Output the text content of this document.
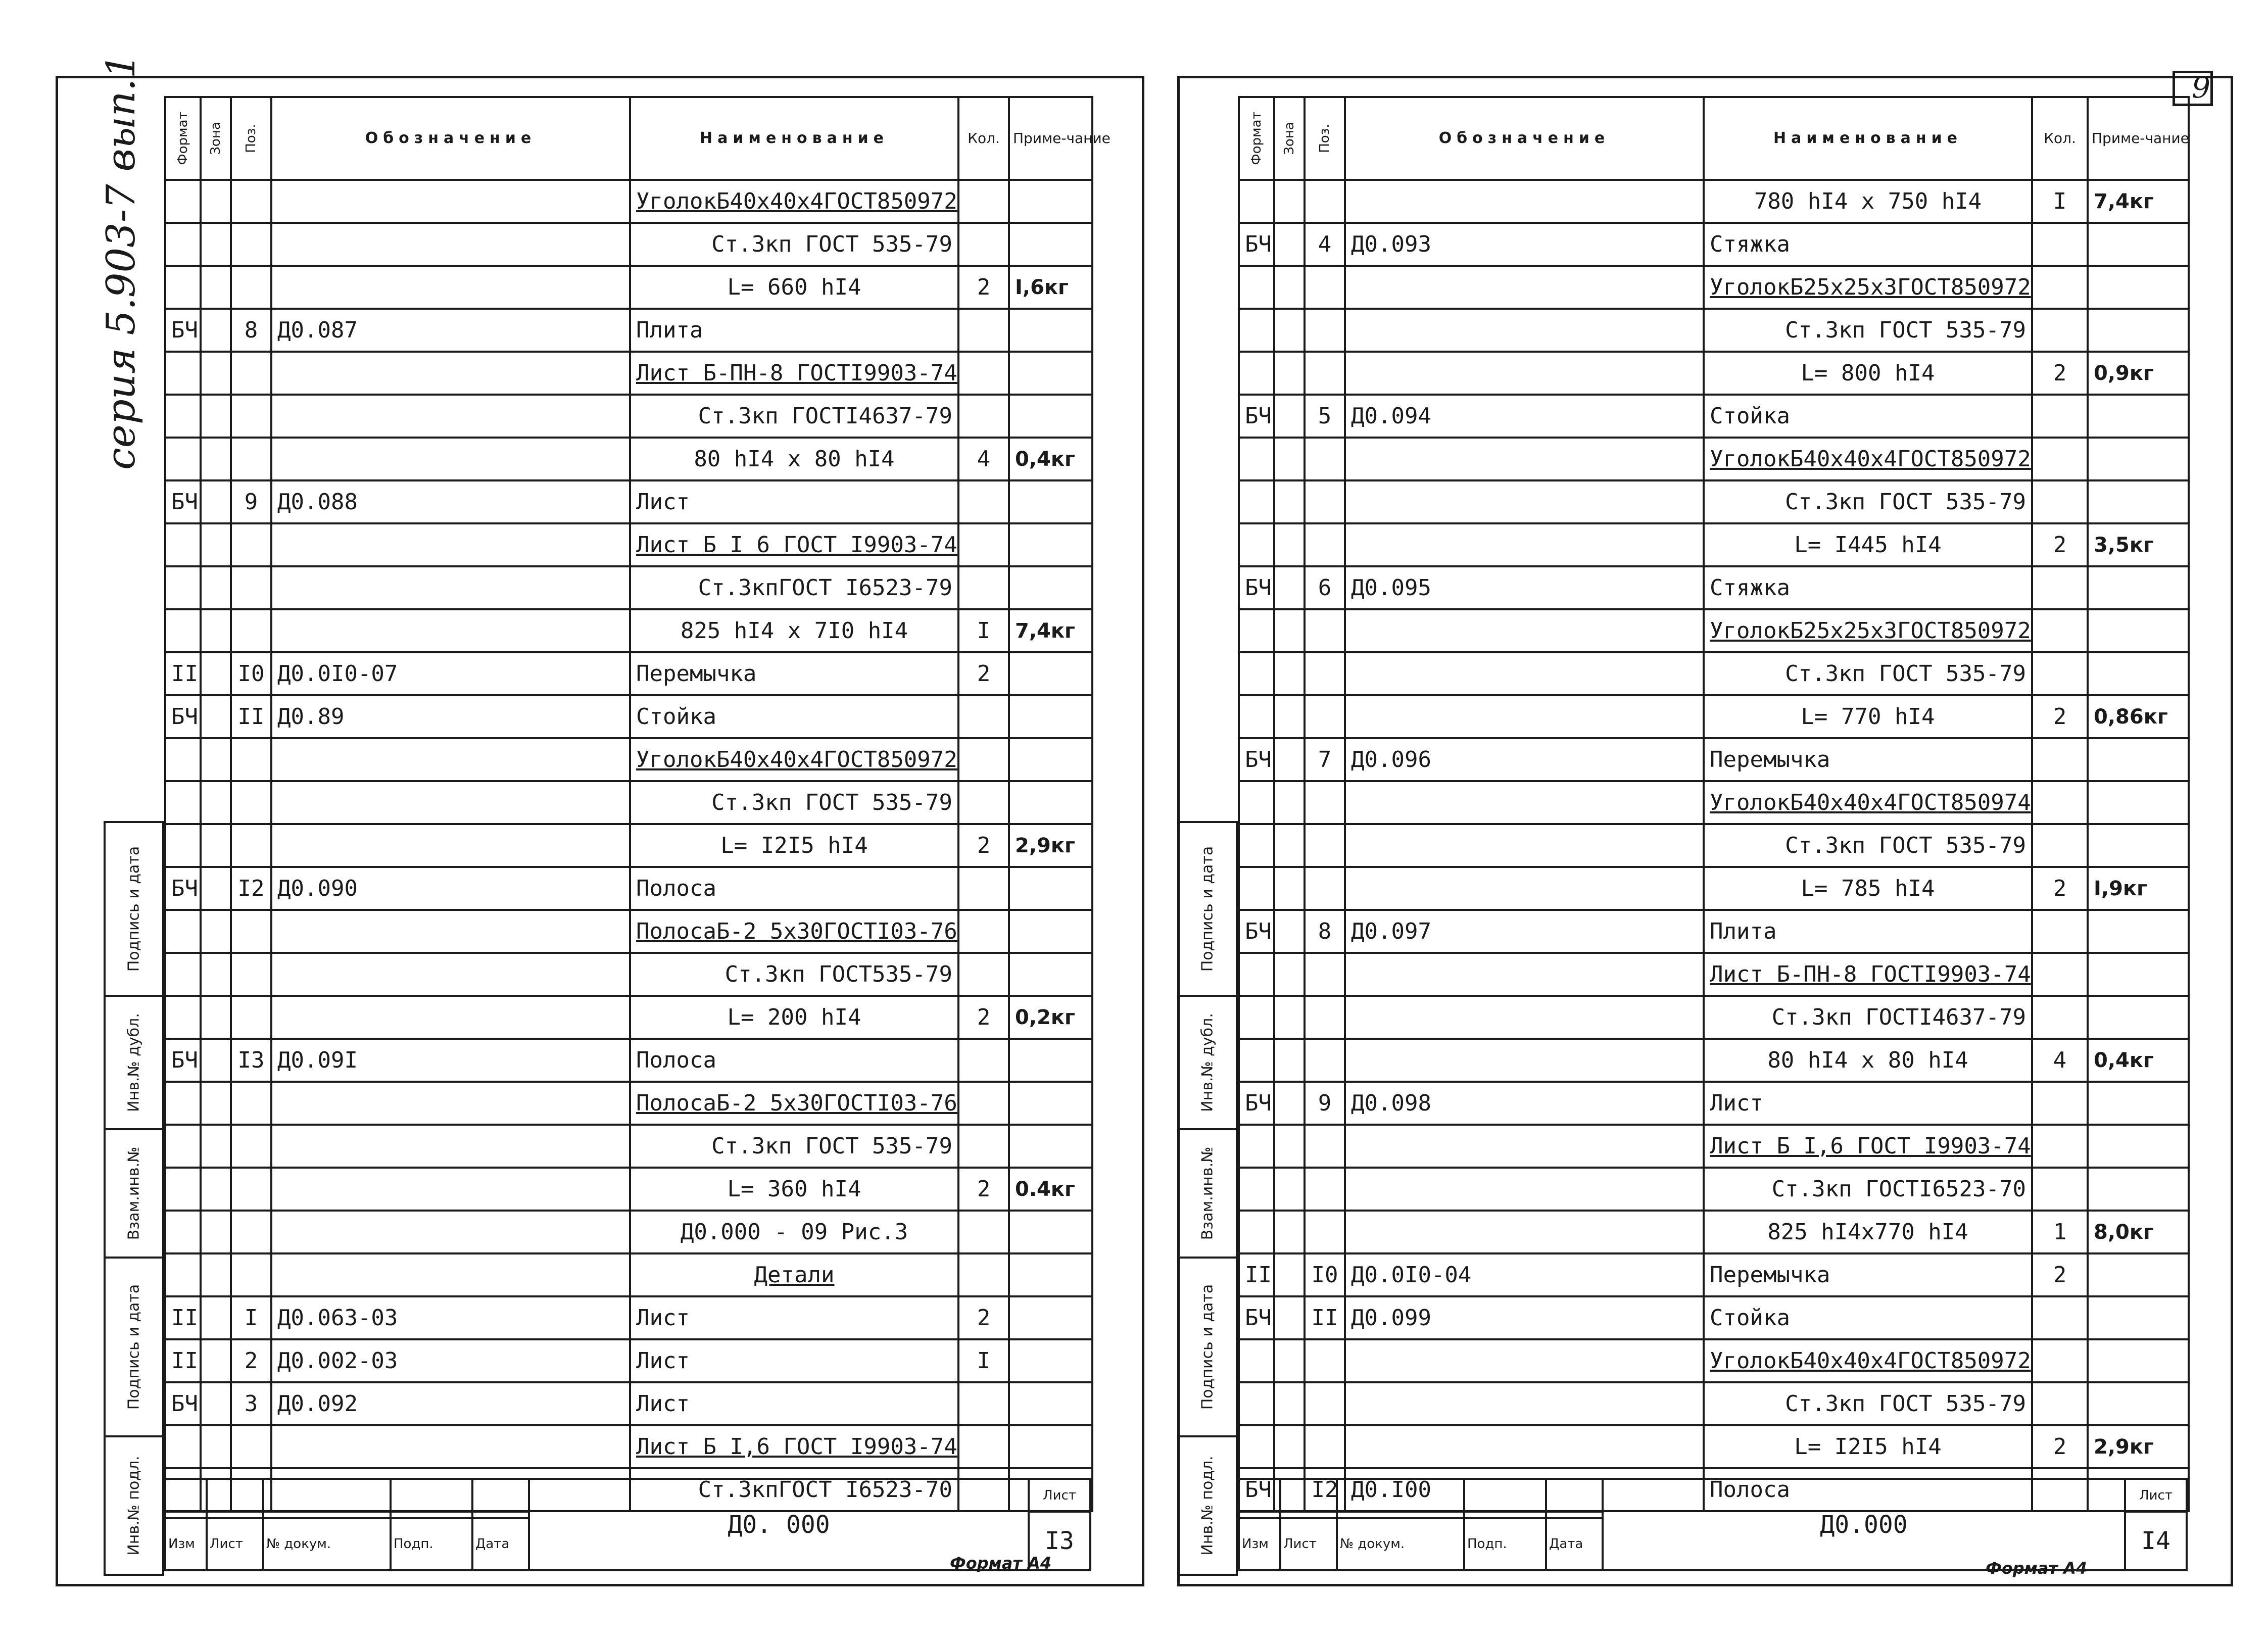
серия 5.903-7 вып.1
Подпись и дата

Инв.№ дубл.

Взам.инв.№

Подпись и дата

Инв.№ подл.
Формат	Зона	Поз.	Обозначение	Наименование	Кол.	Приме-чание
				УголокБ40х40х4ГОСТ850972		
				Ст.3кп ГОСТ 535-79		
				L= 660 hI4	2	I,6кг
БЧ		8	Д0.087	Плита		
				Лист Б-ПН-8 ГОСТI9903-74		
				Ст.3кп ГОСТI4637-79		
				80 hI4 x 80 hI4	4	0,4кг
БЧ		9	Д0.088	Лист		
				Лист Б I 6 ГОСТ I9903-74		
				Ст.3кпГОСТ I6523-79		
				825 hI4 x 7I0 hI4	I	7,4кг
II		I0	Д0.0I0-07	Перемычка	2	
БЧ		II	Д0.89	Стойка		
				УголокБ40х40х4ГОСТ850972		
				Ст.3кп ГОСТ 535-79		
				L= I2I5 hI4	2	2,9кг
БЧ		I2	Д0.090	Полоса		
				ПолосаБ-2 5х30ГОСТI03-76		
				Ст.3кп ГОСТ535-79		
				L= 200 hI4	2	0,2кг
БЧ		I3	Д0.09I	Полоса		
				ПолосаБ-2 5х30ГОСТI03-76		
				Ст.3кп ГОСТ 535-79		
				L= 360 hI4	2	0.4кг
				Д0.000 - 09 Рис.3		
				Детали		
II		I	Д0.063-03	Лист	2	
II		2	Д0.002-03	Лист	I	
БЧ		3	Д0.092	Лист		
				Лист Б I,6 ГОСТ I9903-74		
				Ст.3кпГОСТ I6523-70		
					Д0. 000	Лист
						I3
Изм	Лист	№ докум.	Подп.	Дата		
Формат А4
9
Подпись и дата

Инв.№ дубл.

Взам.инв.№

Подпись и дата

Инв.№ подл.
Формат	Зона	Поз.	Обозначение	Наименование	Кол.	Приме-чание
				780 hI4 x 750 hI4	I	7,4кг
БЧ		4	Д0.093	Стяжка		
				УголокБ25х25х3ГОСТ850972		
				Ст.3кп ГОСТ 535-79		
				L= 800 hI4	2	0,9кг
БЧ		5	Д0.094	Стойка		
				УголокБ40х40х4ГОСТ850972		
				Ст.3кп ГОСТ 535-79		
				L= I445 hI4	2	3,5кг
БЧ		6	Д0.095	Стяжка		
				УголокБ25х25х3ГОСТ850972		
				Ст.3кп ГОСТ 535-79		
				L= 770 hI4	2	0,86кг
БЧ		7	Д0.096	Перемычка		
				УголокБ40х40х4ГОСТ850974		
				Ст.3кп ГОСТ 535-79		
				L= 785 hI4	2	I,9кг
БЧ		8	Д0.097	Плита		
				Лист Б-ПН-8 ГОСТI9903-74		
				Ст.3кп ГОСТI4637-79		
				80 hI4 x 80 hI4	4	0,4кг
БЧ		9	Д0.098	Лист		
				Лист Б I,6 ГОСТ I9903-74		
				Ст.3кп ГОСТI6523-70		
				825 hI4x770 hI4	1	8,0кг
II		I0	Д0.0I0-04	Перемычка	2	
БЧ		II	Д0.099	Стойка		
				УголокБ40х40х4ГОСТ850972		
				Ст.3кп ГОСТ 535-79		
				L= I2I5 hI4	2	2,9кг
БЧ		I2	Д0.I00	Полоса		
					Д0.000	Лист
						I4
Изм	Лист	№ докум.	Подп.	Дата		
Формат А4
